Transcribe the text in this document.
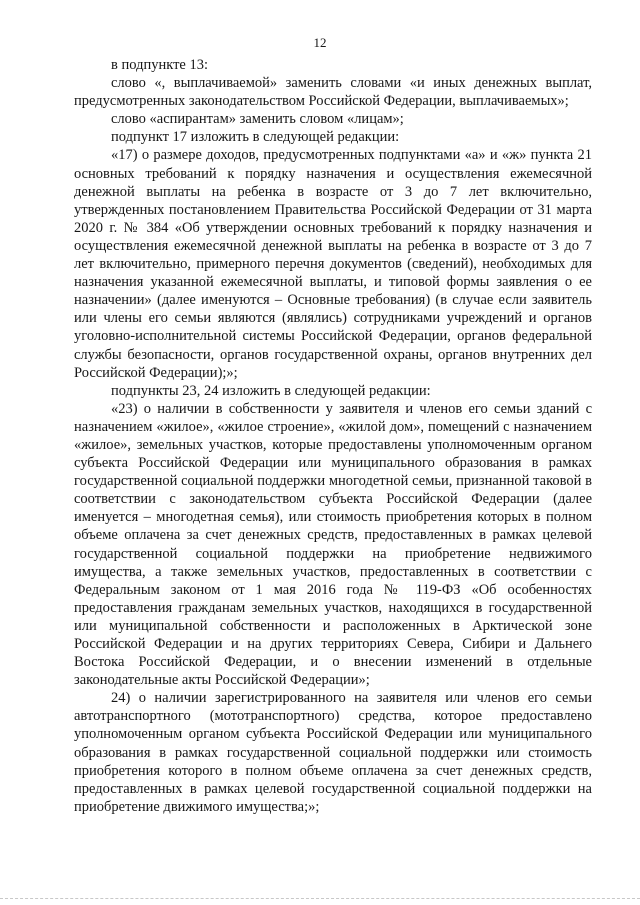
12

в подпункте 13:

слово «, выплачиваемой» заменить словами «и иных денежных выплат, предусмотренных законодательством Российской Федерации, выплачиваемых»;

слово «аспирантам» заменить словом «лицам»;

подпункт 17 изложить в следующей редакции:

«17) о размере доходов, предусмотренных подпунктами «а» и «ж» пункта 21 основных требований к порядку назначения и осуществления ежемесячной денежной выплаты на ребенка в возрасте от 3 до 7 лет включительно, утвержденных постановлением Правительства Российской Федерации от 31 марта 2020 г. № 384 «Об утверждении основных требований к порядку назначения и осуществления ежемесячной денежной выплаты на ребенка в возрасте от 3 до 7 лет включительно, примерного перечня документов (сведений), необходимых для назначения указанной ежемесячной выплаты, и типовой формы заявления о ее назначении» (далее именуются – Основные требования) (в случае если заявитель или члены его семьи являются (являлись) сотрудниками учреждений и органов уголовно-исполнительной системы Российской Федерации, органов федеральной службы безопасности, органов государственной охраны, органов внутренних дел Российской Федерации);»;

подпункты 23, 24 изложить в следующей редакции:

«23) о наличии в собственности у заявителя и членов его семьи зданий с назначением «жилое», «жилое строение», «жилой дом», помещений с назначением «жилое», земельных участков, которые предоставлены уполномоченным органом субъекта Российской Федерации или муниципального образования в рамках государственной социальной поддержки многодетной семьи, признанной таковой в соответствии с законодательством субъекта Российской Федерации (далее именуется – многодетная семья), или стоимость приобретения которых в полном объеме оплачена за счет денежных средств, предоставленных в рамках целевой государственной социальной поддержки на приобретение недвижимого имущества, а также земельных участков, предоставленных в соответствии с Федеральным законом от 1 мая 2016 года № 119-ФЗ «Об особенностях предоставления гражданам земельных участков, находящихся в государственной или муниципальной собственности и расположенных в Арктической зоне Российской Федерации и на других территориях Севера, Сибири и Дальнего Востока Российской Федерации, и о внесении изменений в отдельные законодательные акты Российской Федерации»;

24) о наличии зарегистрированного на заявителя или членов его семьи автотранспортного (мототранспортного) средства, которое предоставлено уполномоченным органом субъекта Российской Федерации или муниципального образования в рамках государственной социальной поддержки или стоимость приобретения которого в полном объеме оплачена за счет денежных средств, предоставленных в рамках целевой государственной социальной поддержки на приобретение движимого имущества;»;
